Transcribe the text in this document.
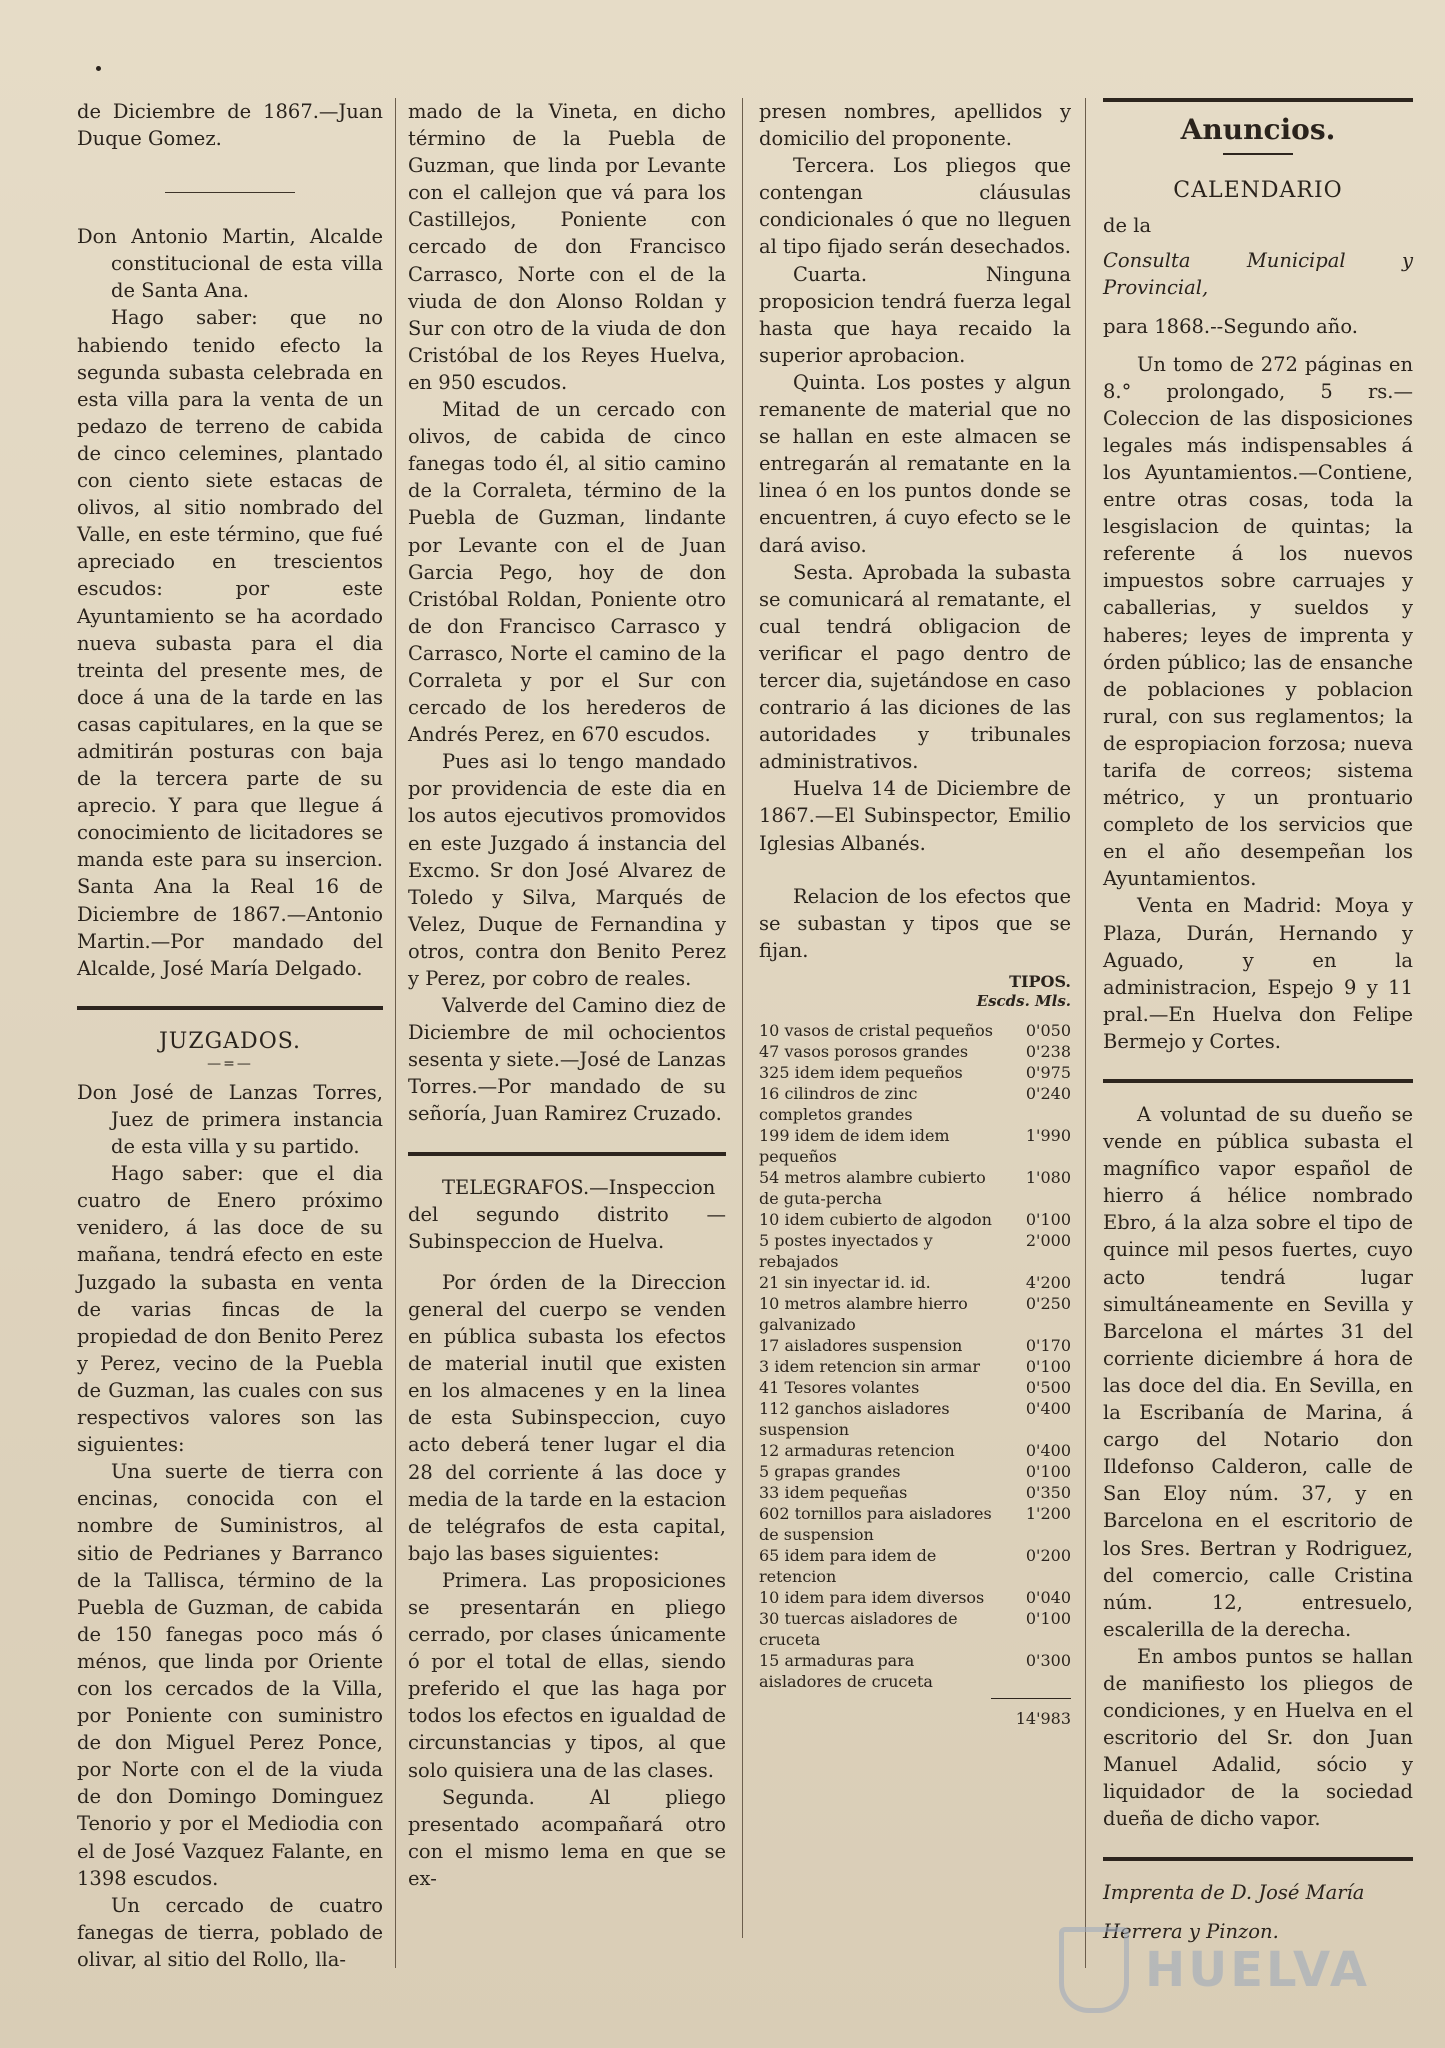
de Diciembre de 1867.—Juan Duque Gomez.

Don Antonio Martin, Alcalde constitucional de esta villa de Santa Ana.

Hago saber: que no habiendo tenido efecto la segunda subasta celebrada en esta villa para la venta de un pedazo de terreno de cabida de cinco celemines, plantado con ciento siete estacas de olivos, al sitio nombrado del Valle, en este término, que fué apreciado en trescientos escudos: por este Ayuntamiento se ha acordado nueva subasta para el dia treinta del presente mes, de doce á una de la tarde en las casas capitulares, en la que se admitirán posturas con baja de la tercera parte de su aprecio. Y para que llegue á conocimiento de licitadores se manda este para su insercion. Santa Ana la Real 16 de Diciembre de 1867.—Antonio Martin.—Por mandado del Alcalde, José María Delgado.

JUZGADOS.
—=—

Don José de Lanzas Torres, Juez de primera instancia de esta villa y su partido.

Hago saber: que el dia cuatro de Enero próximo venidero, á las doce de su mañana, tendrá efecto en este Juzgado la subasta en venta de varias fincas de la propiedad de don Benito Perez y Perez, vecino de la Puebla de Guzman, las cuales con sus respectivos valores son las siguientes:

Una suerte de tierra con encinas, conocida con el nombre de Suministros, al sitio de Pedrianes y Barranco de la Tallisca, término de la Puebla de Guzman, de cabida de 150 fanegas poco más ó ménos, que linda por Oriente con los cercados de la Villa, por Poniente con suministro de don Miguel Perez Ponce, por Norte con el de la viuda de don Domingo Dominguez Tenorio y por el Mediodia con el de José Vazquez Falante, en 1398 escudos.

Un cercado de cuatro fanegas de tierra, poblado de olivar, al sitio del Rollo, lla-

mado de la Vineta, en dicho término de la Puebla de Guzman, que linda por Levante con el callejon que vá para los Castillejos, Poniente con cercado de don Francisco Carrasco, Norte con el de la viuda de don Alonso Roldan y Sur con otro de la viuda de don Cristóbal de los Reyes Huelva, en 950 escudos.

Mitad de un cercado con olivos, de cabida de cinco fanegas todo él, al sitio camino de la Corraleta, término de la Puebla de Guzman, lindante por Levante con el de Juan Garcia Pego, hoy de don Cristóbal Roldan, Poniente otro de don Francisco Carrasco y Carrasco, Norte el camino de la Corraleta y por el Sur con cercado de los herederos de Andrés Perez, en 670 escudos.

Pues asi lo tengo mandado por providencia de este dia en los autos ejecutivos promovidos en este Juzgado á instancia del Excmo. Sr don José Alvarez de Toledo y Silva, Marqués de Velez, Duque de Fernandina y otros, contra don Benito Perez y Perez, por cobro de reales.

Valverde del Camino diez de Diciembre de mil ochocientos sesenta y siete.—José de Lanzas Torres.—Por mandado de su señoría, Juan Ramirez Cruzado.

TELEGRAFOS.—Inspeccion del segundo distrito — Subinspeccion de Huelva.

Por órden de la Direccion general del cuerpo se venden en pública subasta los efectos de material inutil que existen en los almacenes y en la linea de esta Subinspeccion, cuyo acto deberá tener lugar el dia 28 del corriente á las doce y media de la tarde en la estacion de telégrafos de esta capital, bajo las bases siguientes:

Primera. Las proposiciones se presentarán en pliego cerrado, por clases únicamente ó por el total de ellas, siendo preferido el que las haga por todos los efectos en igualdad de circunstancias y tipos, al que solo quisiera una de las clases.

Segunda. Al pliego presentado acompañará otro con el mismo lema en que se ex-

presen nombres, apellidos y domicilio del proponente.

Tercera. Los pliegos que contengan cláusulas condicionales ó que no lleguen al tipo fijado serán desechados.

Cuarta. Ninguna proposicion tendrá fuerza legal hasta que haya recaido la superior aprobacion.

Quinta. Los postes y algun remanente de material que no se hallan en este almacen se entregarán al rematante en la linea ó en los puntos donde se encuentren, á cuyo efecto se le dará aviso.

Sesta. Aprobada la subasta se comunicará al rematante, el cual tendrá obligacion de verificar el pago dentro de tercer dia, sujetándose en caso contrario á las diciones de las autoridades y tribunales administrativos.

Huelva 14 de Diciembre de 1867.—El Subinspector, Emilio Iglesias Albanés.

Relacion de los efectos que se subastan y tipos que se fijan.

TIPOS.
Escds. Mls.
10 vasos de cristal pequeños	0'050
47 vasos porosos grandes	0'238
325 idem idem pequeños	0'975
16 cilindros de zinc completos grandes
0'240
199 idem de idem idem pequeños
1'990
54 metros alambre cubierto de guta-percha
1'080
10 idem cubierto de algodon	0'100
5 postes inyectados y rebajados
2'000
21 sin inyectar id. id.	4'200
10 metros alambre hierro galvanizado
0'250
17 aisladores suspension	0'170
3 idem retencion sin armar	0'100
41 Tesores volantes	0'500
112 ganchos aisladores suspension
0'400
12 armaduras retencion	0'400
5 grapas grandes	0'100
33 idem pequeñas	0'350
602 tornillos para aisladores de suspension
1'200
65 idem para idem de retencion
0'200
10 idem para idem diversos	0'040
30 tuercas aisladores de cruceta
0'100
15 armaduras para aisladores de cruceta
0'300
14'983
Anuncios.
CALENDARIO

de la

Consulta Municipal y Provincial,

para 1868.--Segundo año.

Un tomo de 272 páginas en 8.° prolongado, 5 rs.—Coleccion de las disposiciones legales más indispensables á los Ayuntamientos.—Contiene, entre otras cosas, toda la lesgislacion de quintas; la referente á los nuevos impuestos sobre carruajes y caballerias, y sueldos y haberes; leyes de imprenta y órden público; las de ensanche de poblaciones y poblacion rural, con sus reglamentos; la de espropiacion forzosa; nueva tarifa de correos; sistema métrico, y un prontuario completo de los servicios que en el año desempeñan los Ayuntamientos.

Venta en Madrid: Moya y Plaza, Durán, Hernando y Aguado, y en la administracion, Espejo 9 y 11 pral.—En Huelva don Felipe Bermejo y Cortes.

A voluntad de su dueño se vende en pública subasta el magnífico vapor español de hierro á hélice nombrado Ebro, á la alza sobre el tipo de quince mil pesos fuertes, cuyo acto tendrá lugar simultáneamente en Sevilla y Barcelona el mártes 31 del corriente diciembre á hora de las doce del dia. En Sevilla, en la Escribanía de Marina, á cargo del Notario don Ildefonso Calderon, calle de San Eloy núm. 37, y en Barcelona en el escritorio de los Sres. Bertran y Rodriguez, del comercio, calle Cristina núm. 12, entresuelo, escalerilla de la derecha.

En ambos puntos se hallan de manifiesto los pliegos de condiciones, y en Huelva en el escritorio del Sr. don Juan Manuel Adalid, sócio y liquidador de la sociedad dueña de dicho vapor.

Imprenta de D. José María

Herrera y Pinzon.

HUELVA
